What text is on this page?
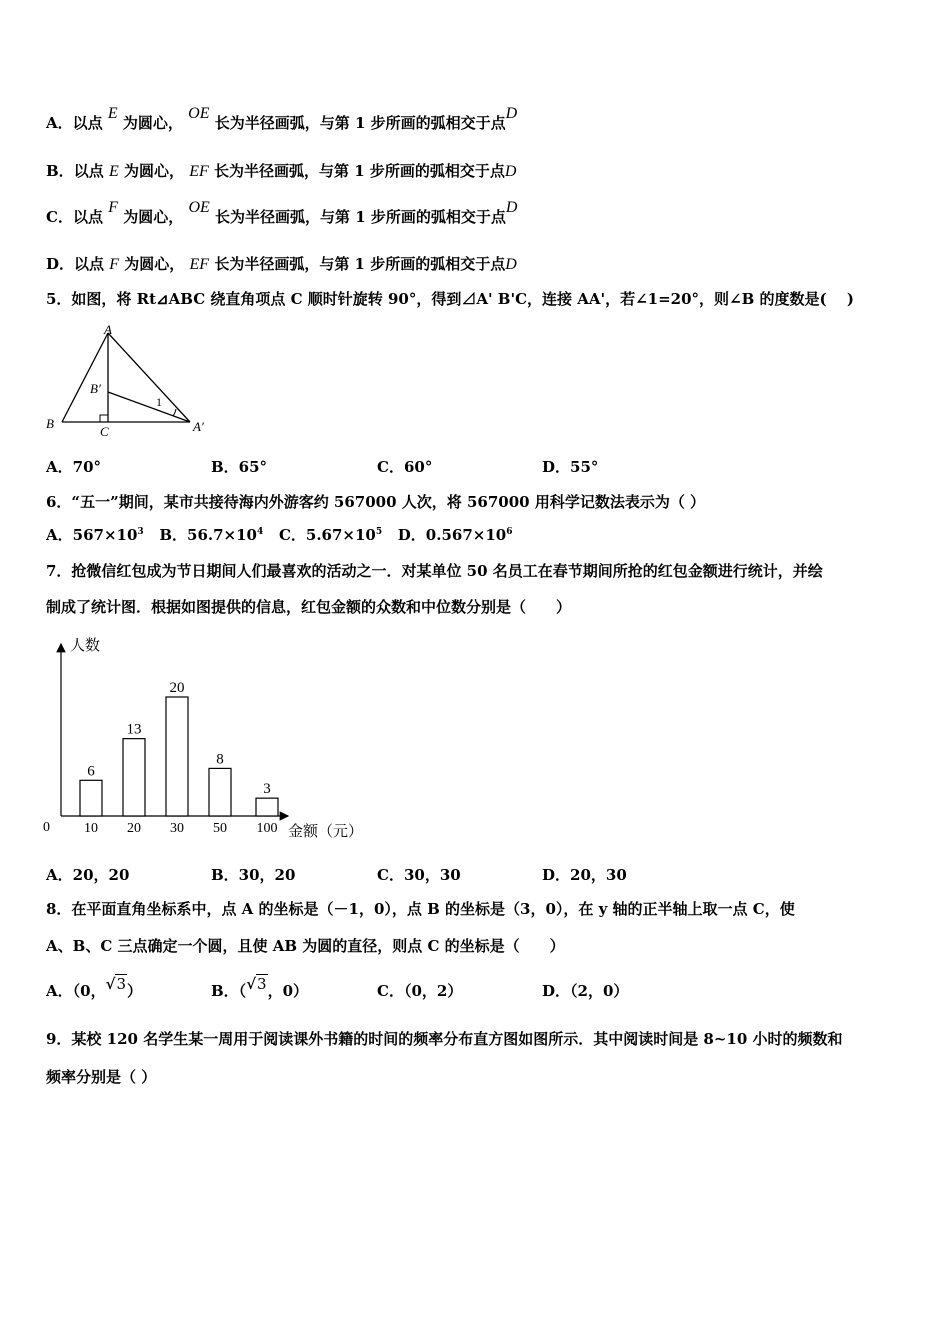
A．以点 E 为圆心， OE 长为半径画弧，与第 1 步所画的弧相交于点D
B．以点 E 为圆心， EF 长为半径画弧，与第 1 步所画的弧相交于点D
C．以点 F 为圆心， OE 长为半径画弧，与第 1 步所画的弧相交于点D
D．以点 F 为圆心， EF 长为半径画弧，与第 1 步所画的弧相交于点D
5．如图，将 Rt⊿ABC 绕直角项点 C 顺时针旋转 90°，得到⊿A' B'C，连接 AA'，若∠1=20°，则∠B 的度数是(　 )
A
B
B′
C	A′
1
A．70°	B．65°	C．60°	D．55°
6．“五一”期间，某市共接待海内外游客约 567000 人次，将 567000 用科学记数法表示为（ ）
A．$567\times 10^3$ B．$56.7\times 10^4$ C．$5.67\times 10^5$ D．$0.567\times 10^6$
7．抢微信红包成为节日期间人们最喜欢的活动之一．对某单位 50 名员工在春节期间所抢的红包金额进行统计，并绘
制成了统计图．根据如图提供的信息，红包金额的众数和中位数分别是（　　）
人数
金额（元）
0
6
10
13
20
20
30
8
50
3
100
A．20，20	B．30，20	C．30，30	D．20，30
8．在平面直角坐标系中，点 A 的坐标是（－1，0），点 B 的坐标是（3，0），在 y 轴的正半轴上取一点 C，使
A、B、C 三点确定一个圆，且使 AB 为圆的直径，则点 C 的坐标是（　　）
A．（0，√3）	B．（√3，0）	C．（0，2）	D．（2，0）
9．某校 120 名学生某一周用于阅读课外书籍的时间的频率分布直方图如图所示．其中阅读时间是 8~10 小时的频数和
频率分别是（ ）
